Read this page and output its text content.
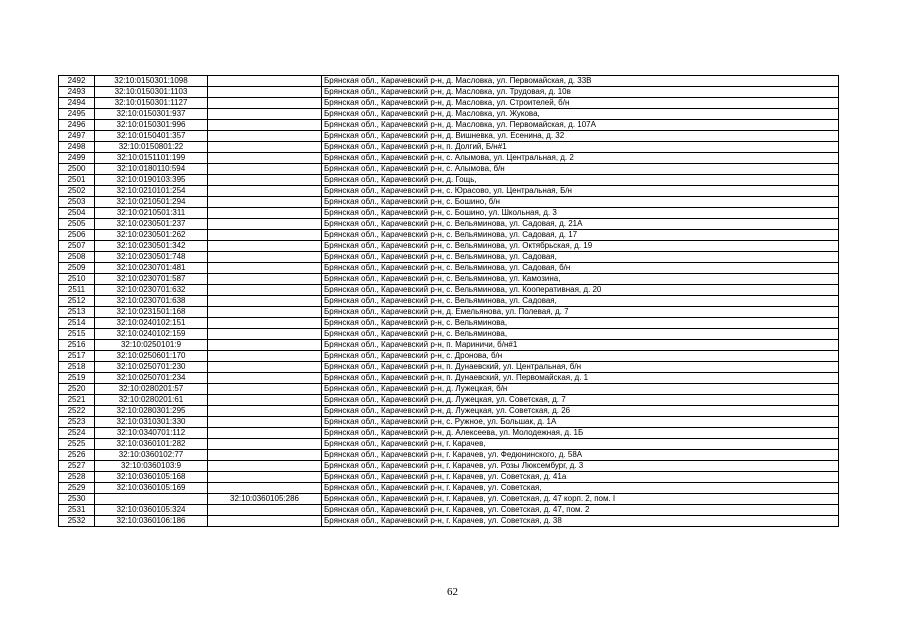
2492	32:10:0150301:1098		Брянская обл., Карачевский р-н, д. Масловка, ул. Первомайская, д. 33В
2493	32:10:0150301:1103		Брянская обл., Карачевский р-н, д. Масловка, ул. Трудовая, д. 10в
2494	32:10:0150301:1127		Брянская обл., Карачевский р-н, д. Масловка, ул. Строителей, б/н
2495	32:10:0150301:937		Брянская обл., Карачевский р-н, д. Масловка, ул. Жукова,
2496	32:10:0150301:996		Брянская обл., Карачевский р-н, д. Масловка, ул. Первомайская, д. 107А
2497	32:10:0150401:357		Брянская обл., Карачевский р-н, д. Вишневка, ул. Есенина, д. 32
2498	32:10:0150801:22		Брянская обл., Карачевский р-н, п. Долгий, Б/н#1
2499	32:10:0151101:199		Брянская обл., Карачевский р-н, с. Алымова, ул. Центральная, д. 2
2500	32:10:0180110:594		Брянская обл., Карачевский р-н, с. Алымова, б/н
2501	32:10:0190103:395		Брянская обл., Карачевский р-н, д. Гощь,
2502	32:10:0210101:254		Брянская обл., Карачевский р-н, с. Юрасово, ул. Центральная, Б/н
2503	32:10:0210501:294		Брянская обл., Карачевский р-н, с. Бошино, б/н
2504	32:10:0210501:311		Брянская обл., Карачевский р-н, с. Бошино, ул. Школьная, д. 3
2505	32:10:0230501:237		Брянская обл., Карачевский р-н, с. Вельяминова, ул. Садовая, д. 21А
2506	32:10:0230501:262		Брянская обл., Карачевский р-н, с. Вельяминова, ул. Садовая, д. 17
2507	32:10:0230501:342		Брянская обл., Карачевский р-н, с. Вельяминова, ул. Октябрьская, д. 19
2508	32:10:0230501:748		Брянская обл., Карачевский р-н, с. Вельяминова, ул. Садовая,
2509	32:10:0230701:481		Брянская обл., Карачевский р-н, с. Вельяминова, ул. Садовая, б/н
2510	32:10:0230701:587		Брянская обл., Карачевский р-н, с. Вельяминова, ул. Камозина,
2511	32:10:0230701:632		Брянская обл., Карачевский р-н, с. Вельяминова, ул. Кооперативная, д. 20
2512	32:10:0230701:638		Брянская обл., Карачевский р-н, с. Вельяминова, ул. Садовая,
2513	32:10:0231501:168		Брянская обл., Карачевский р-н, д. Емельянова, ул. Полевая, д. 7
2514	32:10:0240102:151		Брянская обл., Карачевский р-н, с. Вельяминова,
2515	32:10:0240102:159		Брянская обл., Карачевский р-н, с. Вельяминова,
2516	32:10:0250101:9		Брянская обл., Карачевский р-н, п. Мариничи, б/н#1
2517	32:10:0250601:170		Брянская обл., Карачевский р-н, с. Дронова, б/н
2518	32:10:0250701:230		Брянская обл., Карачевский р-н, п. Дунаевский, ул. Центральная, б/н
2519	32:10:0250701:234		Брянская обл., Карачевский р-н, п. Дунаевский, ул. Первомайская, д. 1
2520	32:10:0280201:57		Брянская обл., Карачевский р-н, д. Лужецкая, б/н
2521	32:10:0280201:61		Брянская обл., Карачевский р-н, д. Лужецкая, ул. Советская, д. 7
2522	32:10:0280301:295		Брянская обл., Карачевский р-н, д. Лужецкая, ул. Советская, д. 26
2523	32:10:0310301:330		Брянская обл., Карачевский р-н, с. Ружное, ул. Большак, д. 1А
2524	32:10:0340701:112		Брянская обл., Карачевский р-н, д. Алексеева, ул. Молодежная, д. 1Б
2525	32:10:0360101:282		Брянская обл., Карачевский р-н, г. Карачев,
2526	32:10:0360102:77		Брянская обл., Карачевский р-н, г. Карачев, ул. Федюнинского, д. 58А
2527	32:10:0360103:9		Брянская обл., Карачевский р-н, г. Карачев, ул. Розы Люксембург, д. 3
2528	32:10:0360105:168		Брянская обл., Карачевский р-н, г. Карачев, ул. Советская, д. 41а
2529	32:10:0360105:169		Брянская обл., Карачевский р-н, г. Карачев, ул. Советская,
2530		32:10:0360105:286	Брянская обл., Карачевский р-н, г. Карачев, ул. Советская, д. 47 корп. 2, пом. I
2531	32:10:0360105:324		Брянская обл., Карачевский р-н, г. Карачев, ул. Советская, д. 47, пом. 2
2532	32:10:0360106:186		Брянская обл., Карачевский р-н, г. Карачев, ул. Советская, д. 38
62
